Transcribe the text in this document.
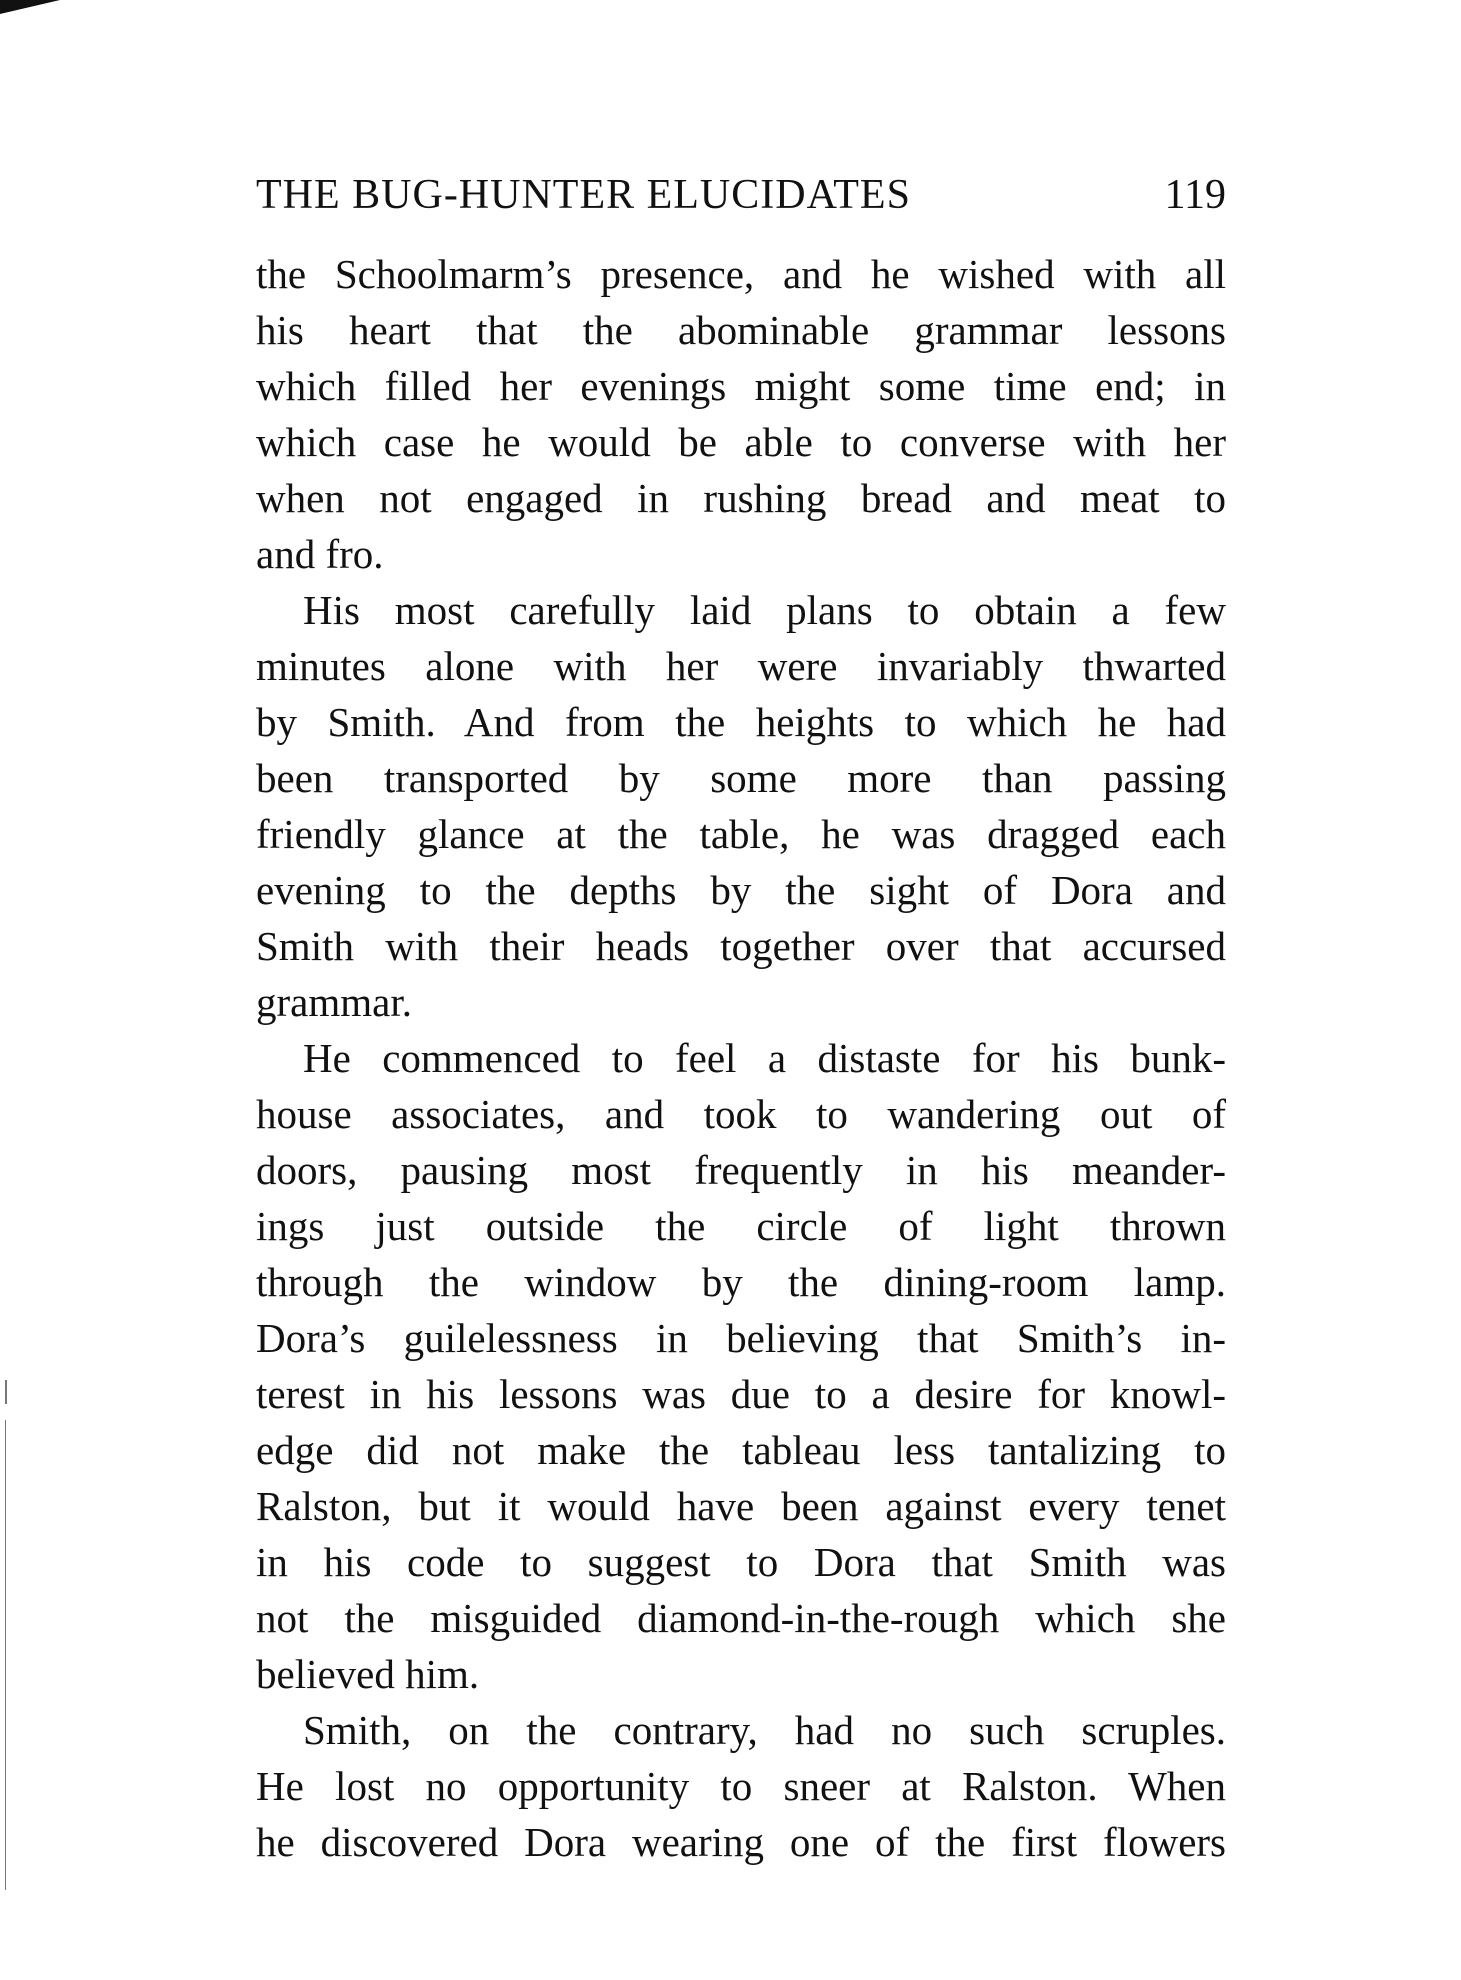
THE BUG-HUNTER ELUCIDATES	119

the Schoolmarm’s presence, and he wished with all
his heart that the abominable grammar lessons
which filled her evenings might some time end; in
which case he would be able to converse with her
when not engaged in rushing bread and meat to
and fro.

His most carefully laid plans to obtain a few
minutes alone with her were invariably thwarted
by Smith. And from the heights to which he had
been transported by some more than passing
friendly glance at the table, he was dragged each
evening to the depths by the sight of Dora and
Smith with their heads together over that accursed
grammar.

He commenced to feel a distaste for his bunk-
house associates, and took to wandering out of
doors, pausing most frequently in his meander-
ings just outside the circle of light thrown
through the window by the dining-room lamp.
Dora’s guilelessness in believing that Smith’s in-
terest in his lessons was due to a desire for knowl-
edge did not make the tableau less tantalizing to
Ralston, but it would have been against every tenet
in his code to suggest to Dora that Smith was
not the misguided diamond-in-the-rough which she
believed him.

Smith, on the contrary, had no such scruples.
He lost no opportunity to sneer at Ralston. When
he discovered Dora wearing one of the first flowers
